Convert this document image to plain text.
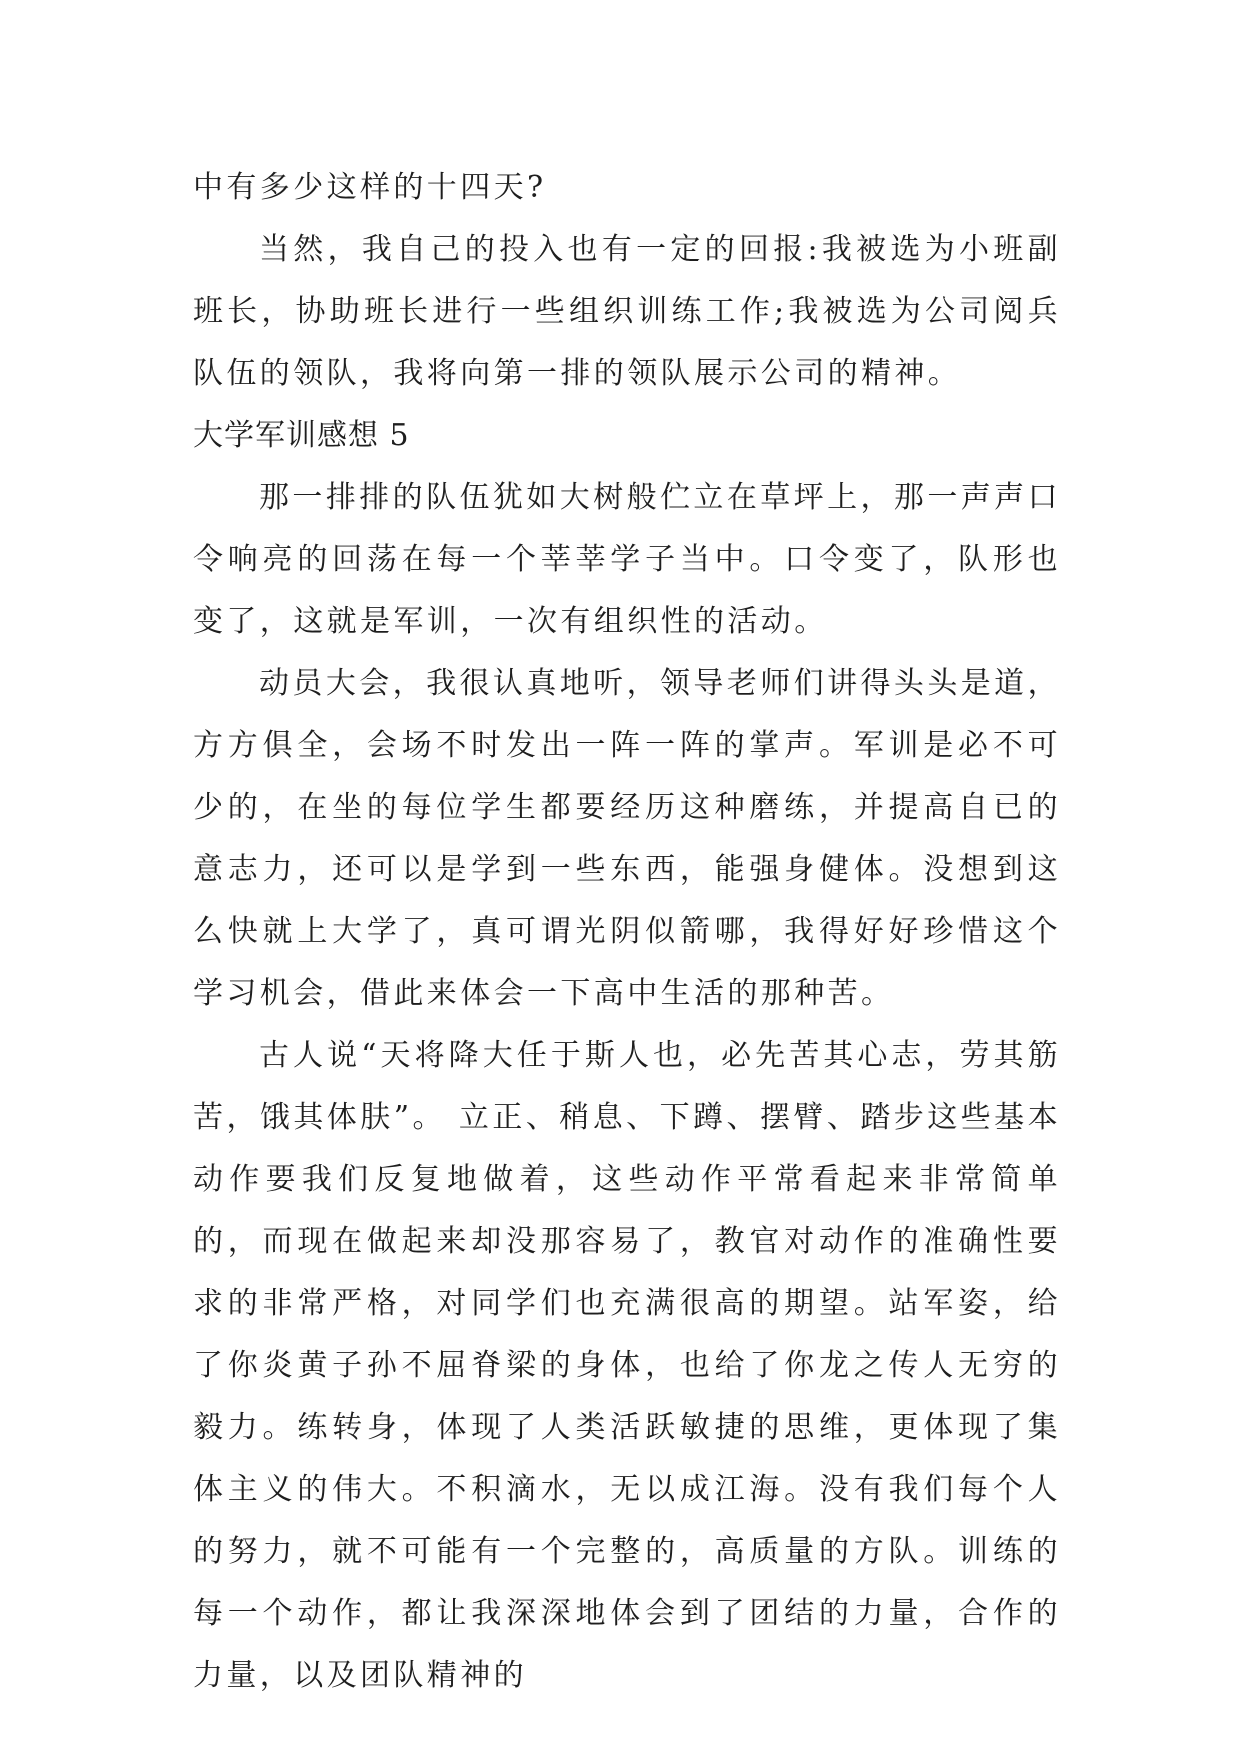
中有多少这样的十四天?

当然，我自己的投入也有一定的回报:我被选为小班副班长，协助班长进行一些组织训练工作;我被选为公司阅兵队伍的领队，我将向第一排的领队展示公司的精神。

大学军训感想 5

那一排排的队伍犹如大树般伫立在草坪上，那一声声口令响亮的回荡在每一个莘莘学子当中。口令变了，队形也变了，这就是军训，一次有组织性的活动。

动员大会，我很认真地听，领导老师们讲得头头是道，方方俱全，会场不时发出一阵一阵的掌声。军训是必不可少的，在坐的每位学生都要经历这种磨练，并提高自已的意志力，还可以是学到一些东西，能强身健体。没想到这么快就上大学了，真可谓光阴似箭哪，我得好好珍惜这个学习机会，借此来体会一下高中生活的那种苦。

古人说“天将降大任于斯人也，必先苦其心志，劳其筋苦，饿其体肤”。 立正、稍息、下蹲、摆臂、踏步这些基本动作要我们反复地做着，这些动作平常看起来非常简单的，而现在做起来却没那容易了，教官对动作的准确性要求的非常严格，对同学们也充满很高的期望。站军姿，给了你炎黄子孙不屈脊梁的身体，也给了你龙之传人无穷的毅力。练转身，体现了人类活跃敏捷的思维，更体现了集体主义的伟大。不积滴水，无以成江海。没有我们每个人的努力，就不可能有一个完整的，高质量的方队。训练的每一个动作，都让我深深地体会到了团结的力量，合作的力量，以及团队精神的
